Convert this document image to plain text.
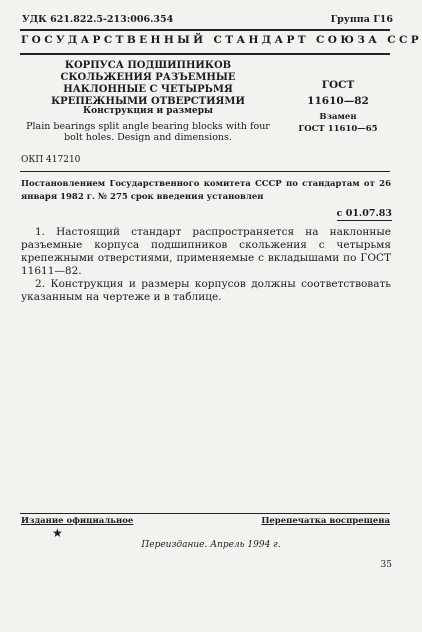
УДК 621.822.5-213:006.354	Группа Г16
ГОСУДАРСТВЕННЫЙ СТАНДАРТ СОЮЗА ССР
КОРПУСА ПОДШИПНИКОВ СКОЛЬЖЕНИЯ РАЗЪЕМНЫЕ НАКЛОННЫЕ С ЧЕТЫРЬМЯ КРЕПЕЖНЫМИ ОТВЕРСТИЯМИ
Конструкция и размеры
Plain bearings split angle bearing blocks with four bolt holes. Design and dimensions.
ГОСТ
11610—82
Взамен
ГОСТ 11610—65
ОКП 417210
Постановлением Государственного комитета СССР по стандартам от 26 января 1982 г. № 275 срок введения установлен
с 01.07.83

1. Настоящий стандарт распространяется на наклонные разъемные корпуса подшипников скольжения с четырьмя крепежными отверстиями, применяемые с вкладышами по ГОСТ 11611—82.

2. Конструкция и размеры корпусов должны соответствовать указанным на чертеже и в таблице.

Издание официальное	Перепечатка воспрещена
★
Переиздание. Апрель 1994 г.
35
